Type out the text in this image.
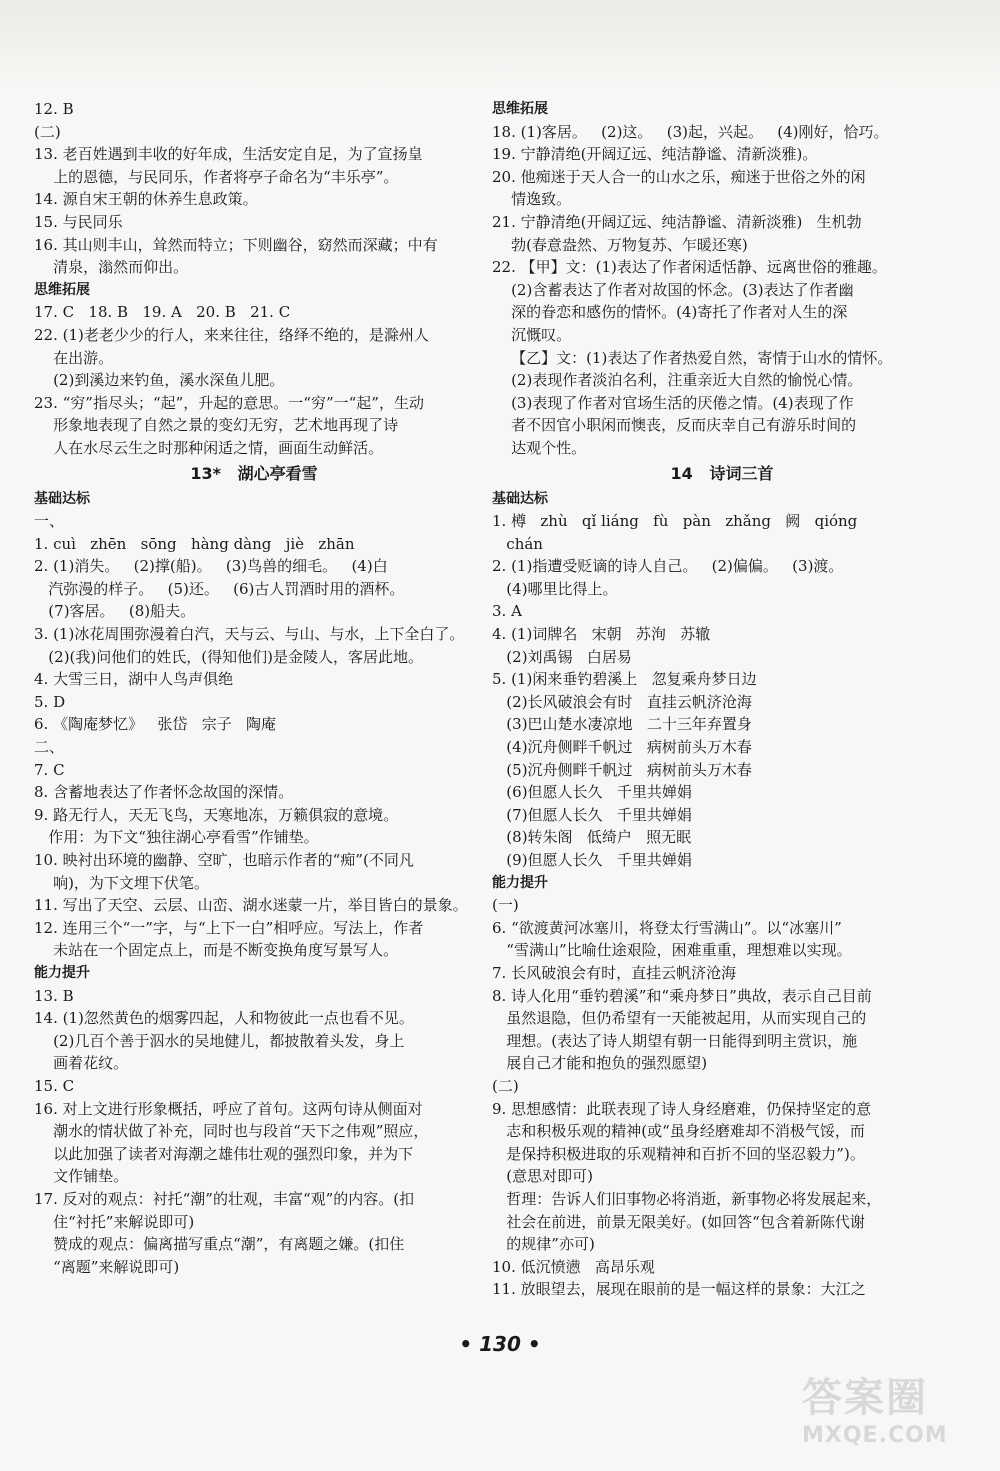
12. B
(二)
13. 老百姓遇到丰收的好年成，生活安定自足，为了宣扬皇
上的恩德，与民同乐，作者将亭子命名为“丰乐亭”。
14. 源自宋王朝的休养生息政策。
15. 与民同乐
16. 其山则丰山，耸然而特立；下则幽谷，窈然而深藏；中有
清泉，滃然而仰出。
思维拓展
17. C   18. B   19. A   20. B   21. C
22. (1)老老少少的行人，来来往往，络绎不绝的，是滁州人
在出游。
(2)到溪边来钓鱼，溪水深鱼儿肥。
23. “穷”指尽头；“起”，升起的意思。一“穷”一“起”，生动
形象地表现了自然之景的变幻无穷，艺术地再现了诗
人在水尽云生之时那种闲适之情，画面生动鲜活。
13*   湖心亭看雪
基础达标
一、
1. cuì   zhēn   sōng   hàng dàng   jiè   zhān
2. (1)消失。   (2)撑(船)。   (3)鸟兽的细毛。   (4)白
汽弥漫的样子。   (5)还。   (6)古人罚酒时用的酒杯。
(7)客居。   (8)船夫。
3. (1)冰花周围弥漫着白汽，天与云、与山、与水，上下全白了。
(2)(我)问他们的姓氏，(得知他们)是金陵人，客居此地。
4. 大雪三日，湖中人鸟声俱绝
5. D
6. 《陶庵梦忆》   张岱   宗子   陶庵
二、
7. C
8. 含蓄地表达了作者怀念故国的深情。
9. 路无行人，天无飞鸟，天寒地冻，万籁俱寂的意境。
作用：为下文“独往湖心亭看雪”作铺垫。
10. 映衬出环境的幽静、空旷，也暗示作者的“痴”(不同凡
响)，为下文埋下伏笔。
11. 写出了天空、云层、山峦、湖水迷蒙一片，举目皆白的景象。
12. 连用三个“一”字，与“上下一白”相呼应。写法上，作者
未站在一个固定点上，而是不断变换角度写景写人。
能力提升
13. B
14. (1)忽然黄色的烟雾四起，人和物彼此一点也看不见。
(2)几百个善于泅水的吴地健儿，都披散着头发，身上
画着花纹。
15. C
16. 对上文进行形象概括，呼应了首句。这两句诗从侧面对
潮水的情状做了补充，同时也与段首“天下之伟观”照应，
以此加强了读者对海潮之雄伟壮观的强烈印象，并为下
文作铺垫。
17. 反对的观点：衬托“潮”的壮观，丰富“观”的内容。(扣
住“衬托”来解说即可)
赞成的观点：偏离描写重点“潮”，有离题之嫌。(扣住
“离题”来解说即可)
思维拓展
18. (1)客居。   (2)这。   (3)起，兴起。   (4)刚好，恰巧。
19. 宁静清绝(开阔辽远、纯洁静谧、清新淡雅)。
20. 他痴迷于天人合一的山水之乐，痴迷于世俗之外的闲
情逸致。
21. 宁静清绝(开阔辽远、纯洁静谧、清新淡雅)   生机勃
勃(春意盎然、万物复苏、乍暖还寒)
22. 【甲】文：(1)表达了作者闲适恬静、远离世俗的雅趣。
(2)含蓄表达了作者对故国的怀念。(3)表达了作者幽
深的眷恋和感伤的情怀。(4)寄托了作者对人生的深
沉慨叹。
【乙】文：(1)表达了作者热爱自然，寄情于山水的情怀。
(2)表现作者淡泊名利，注重亲近大自然的愉悦心情。
(3)表现了作者对官场生活的厌倦之情。(4)表现了作
者不因官小职闲而懊丧，反而庆幸自己有游乐时间的
达观个性。
14   诗词三首
基础达标
1. 樽   zhù   qǐ liáng   fù   pàn   zhǎng   阙   qióng
chán
2. (1)指遭受贬谪的诗人自己。   (2)偏偏。   (3)渡。
(4)哪里比得上。
3. A
4. (1)词牌名   宋朝   苏洵   苏辙
(2)刘禹锡   白居易
5. (1)闲来垂钓碧溪上   忽复乘舟梦日边
(2)长风破浪会有时   直挂云帆济沧海
(3)巴山楚水凄凉地   二十三年弃置身
(4)沉舟侧畔千帆过   病树前头万木春
(5)沉舟侧畔千帆过   病树前头万木春
(6)但愿人长久   千里共婵娟
(7)但愿人长久   千里共婵娟
(8)转朱阁   低绮户   照无眠
(9)但愿人长久   千里共婵娟
能力提升
(一)
6. “欲渡黄河冰塞川，将登太行雪满山”。以“冰塞川”
“雪满山”比喻仕途艰险，困难重重，理想难以实现。
7. 长风破浪会有时，直挂云帆济沧海
8. 诗人化用“垂钓碧溪”和“乘舟梦日”典故，表示自己目前
虽然退隐，但仍希望有一天能被起用，从而实现自己的
理想。(表达了诗人期望有朝一日能得到明主赏识，施
展自己才能和抱负的强烈愿望)
(二)
9. 思想感情：此联表现了诗人身经磨难，仍保持坚定的意
志和积极乐观的精神(或“虽身经磨难却不消极气馁，而
是保持积极进取的乐观精神和百折不回的坚忍毅力”)。
(意思对即可)
哲理：告诉人们旧事物必将消逝，新事物必将发展起来，
社会在前进，前景无限美好。(如回答“包含着新陈代谢
的规律”亦可)
10. 低沉愤懑   高昂乐观
11. 放眼望去，展现在眼前的是一幅这样的景象：大江之
• 130 •
答案圈
MXQE.COM
